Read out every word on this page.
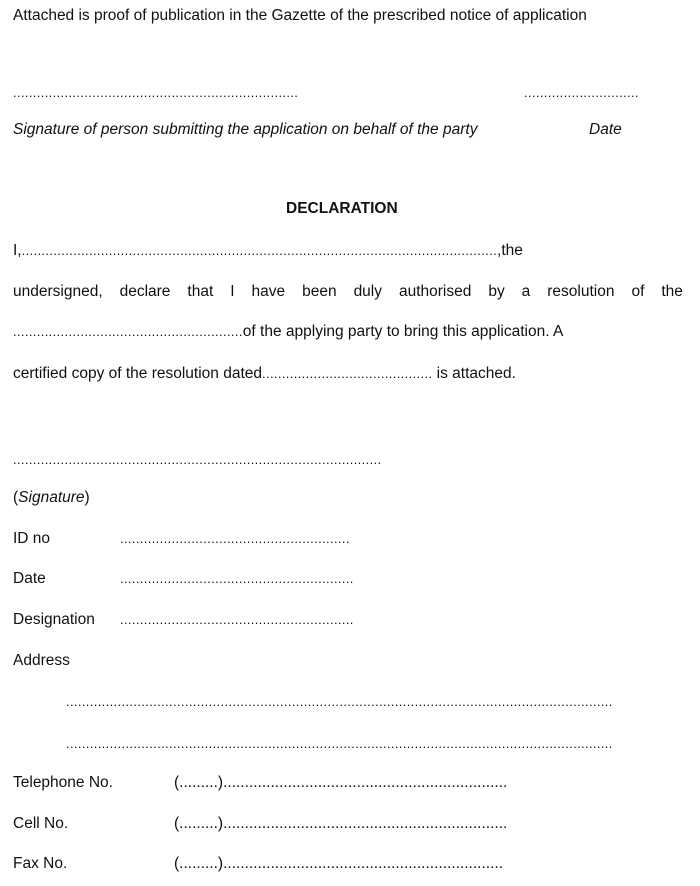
Attached is proof of publication in the Gazette of the prescribed notice of application
........................................................................	.............................
Signature of person submitting the application on behalf of the party	Date
DECLARATION
I,........................................................................................................................,the
undersigned, declare that I have been duly authorised by a resolution of the
..........................................................of the applying party to bring this application. A
certified copy of the resolution dated........................................... is attached.
.............................................................................................
(Signature)
ID no	..........................................................
Date	...........................................................
Designation ...........................................................
Address
..........................................................................................................................................
..........................................................................................................................................
Telephone No.	(.........)..................................................................
Cell No.	(.........)..................................................................
Fax No.	(.........).................................................................
